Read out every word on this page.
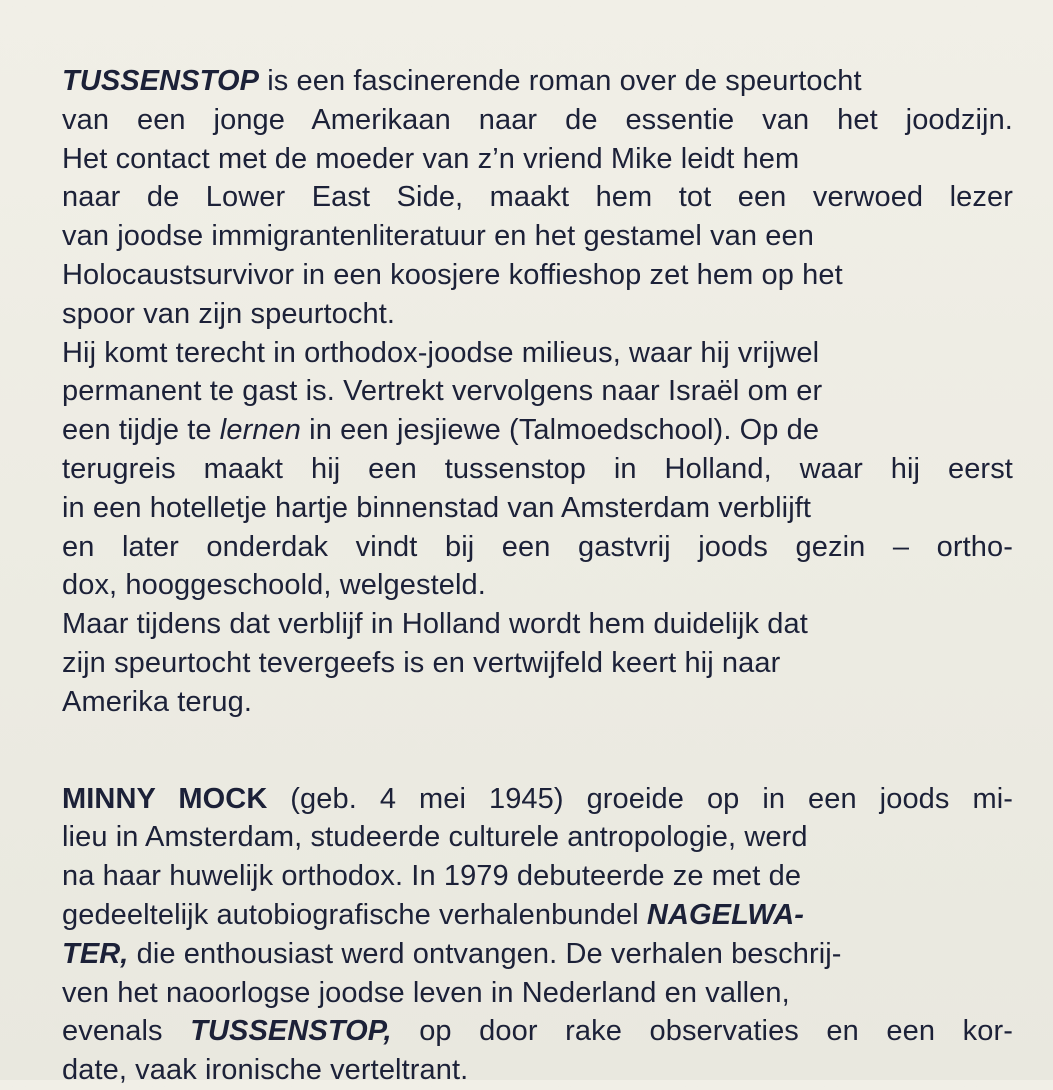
TUSSENSTOP is een fascinerende roman over de speurtocht
van een jonge Amerikaan naar de essentie van het joodzijn.
Het contact met de moeder van z’n vriend Mike leidt hem
naar de Lower East Side, maakt hem tot een verwoed lezer
van joodse immigrantenliteratuur en het gestamel van een
Holocaustsurvivor in een koosjere koffieshop zet hem op het
spoor van zijn speurtocht.
Hij komt terecht in orthodox-joodse milieus, waar hij vrijwel
permanent te gast is. Vertrekt vervolgens naar Israël om er
een tijdje te lernen in een jesjiewe (Talmoedschool). Op de
terugreis maakt hij een tussenstop in Holland, waar hij eerst
in een hotelletje hartje binnenstad van Amsterdam verblijft
en later onderdak vindt bij een gastvrij joods gezin – ortho-
dox, hooggeschoold, welgesteld.
Maar tijdens dat verblijf in Holland wordt hem duidelijk dat
zijn speurtocht tevergeefs is en vertwijfeld keert hij naar
Amerika terug.
MINNY MOCK (geb. 4 mei 1945) groeide op in een joods mi-
lieu in Amsterdam, studeerde culturele antropologie, werd
na haar huwelijk orthodox. In 1979 debuteerde ze met de
gedeeltelijk autobiografische verhalenbundel NAGELWA-
TER, die enthousiast werd ontvangen. De verhalen beschrij-
ven het naoorlogse joodse leven in Nederland en vallen,
evenals TUSSENSTOP, op door rake observaties en een kor-
date, vaak ironische verteltrant.
